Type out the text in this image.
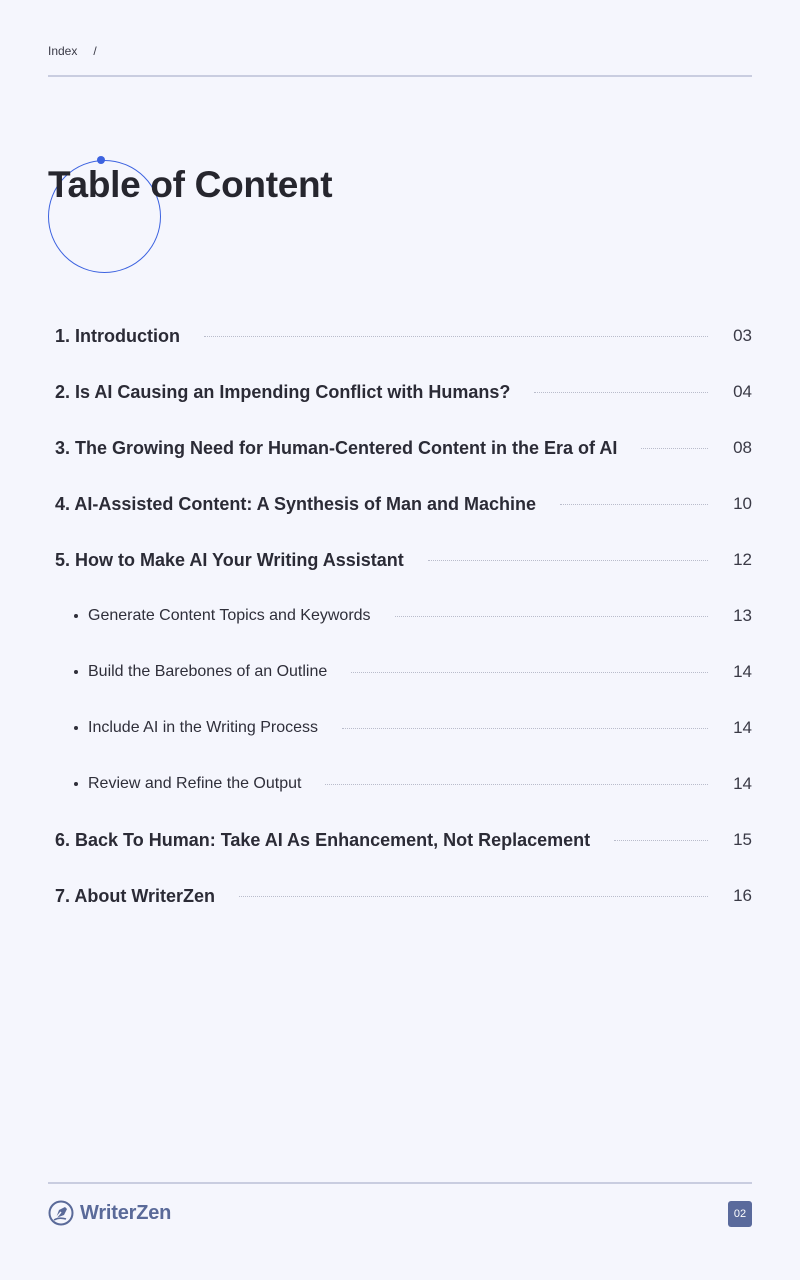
Index /
Table of Content
1. Introduction	03
2. Is AI Causing an Impending Conflict with Humans?	04
3. The Growing Need for Human-Centered Content in the Era of AI	08
4. AI-Assisted Content: A Synthesis of Man and Machine	10
5. How to Make AI Your Writing Assistant	12
Generate Content Topics and Keywords	13
Build the Barebones of an Outline	14
Include AI in the Writing Process	14
Review and Refine the Output	14
6. Back To Human: Take AI As Enhancement, Not Replacement	15
7. About WriterZen	16
WriterZen	02
